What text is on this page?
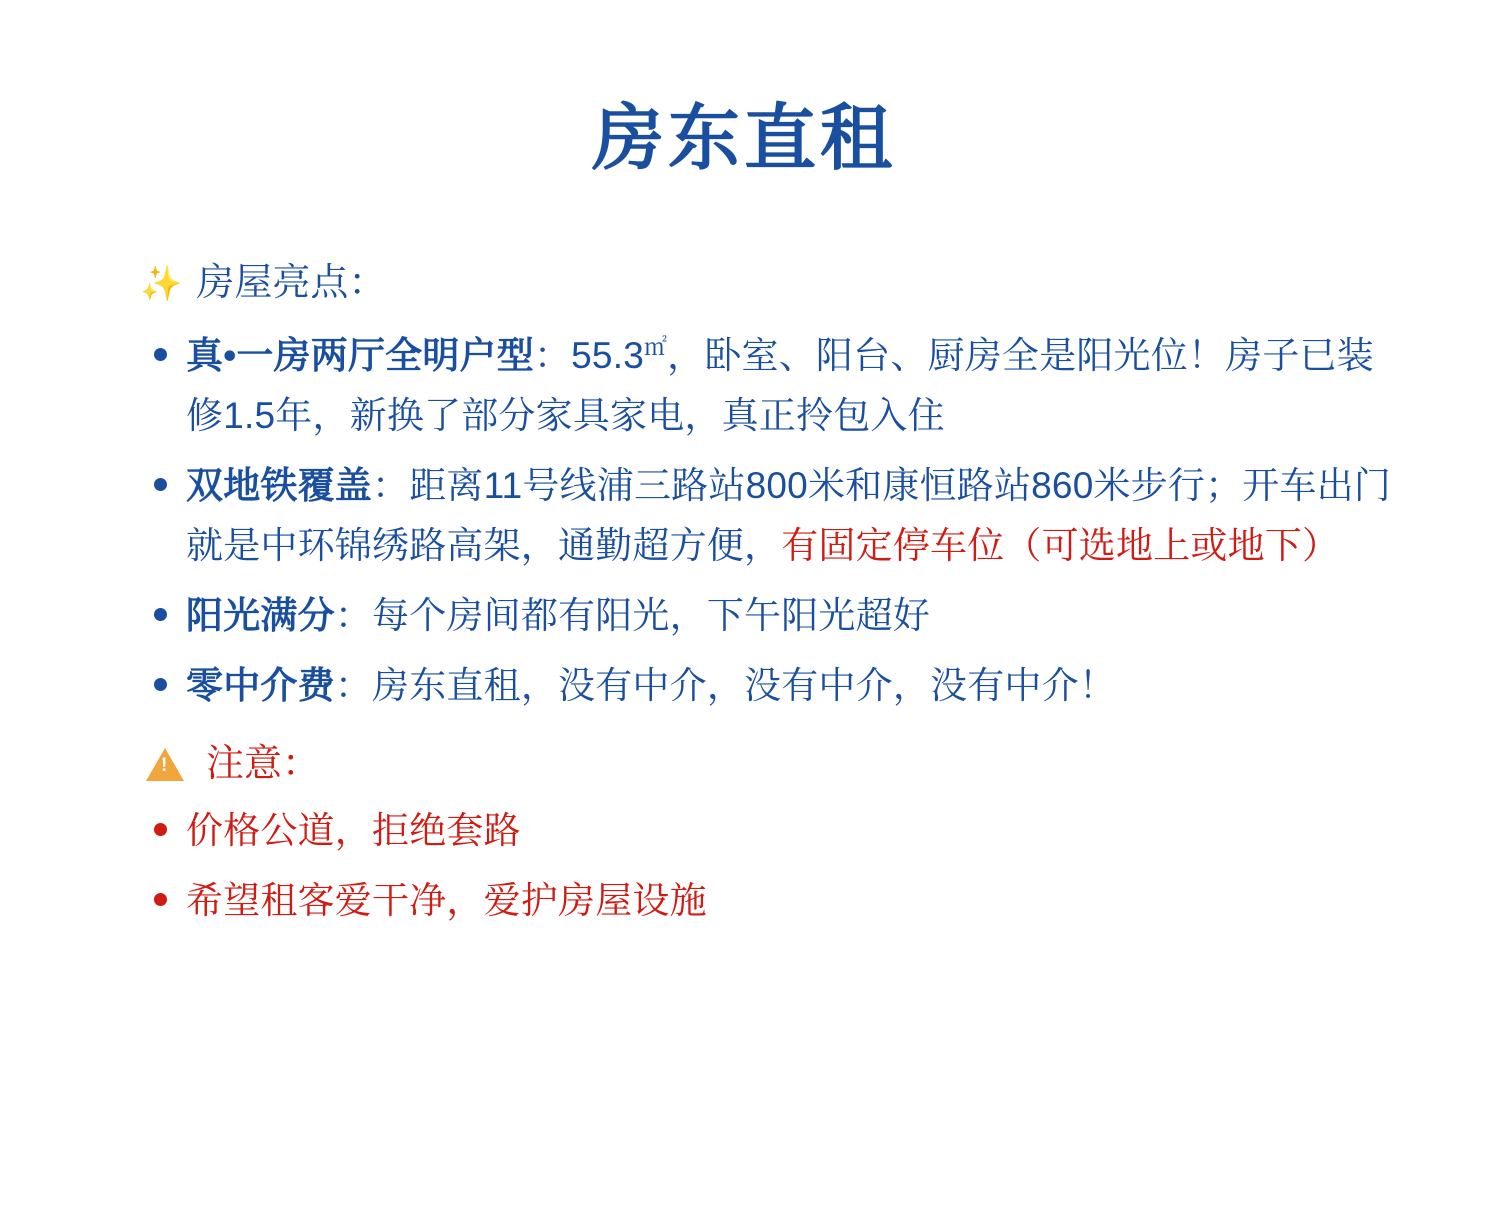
房东直租
✨ 房屋亮点：
真•一房两厅全明户型：55.3㎡，卧室、阳台、厨房全是阳光位！房子已装修1.5年，新换了部分家具家电，真正拎包入住
双地铁覆盖：距离11号线浦三路站800米和康恒路站860米步行；开车出门就是中环锦绣路高架，通勤超方便，有固定停车位（可选地上或地下）
阳光满分：每个房间都有阳光，下午阳光超好
零中介费：房东直租，没有中介，没有中介，没有中介！
!
注意：
价格公道，拒绝套路
希望租客爱干净，爱护房屋设施
